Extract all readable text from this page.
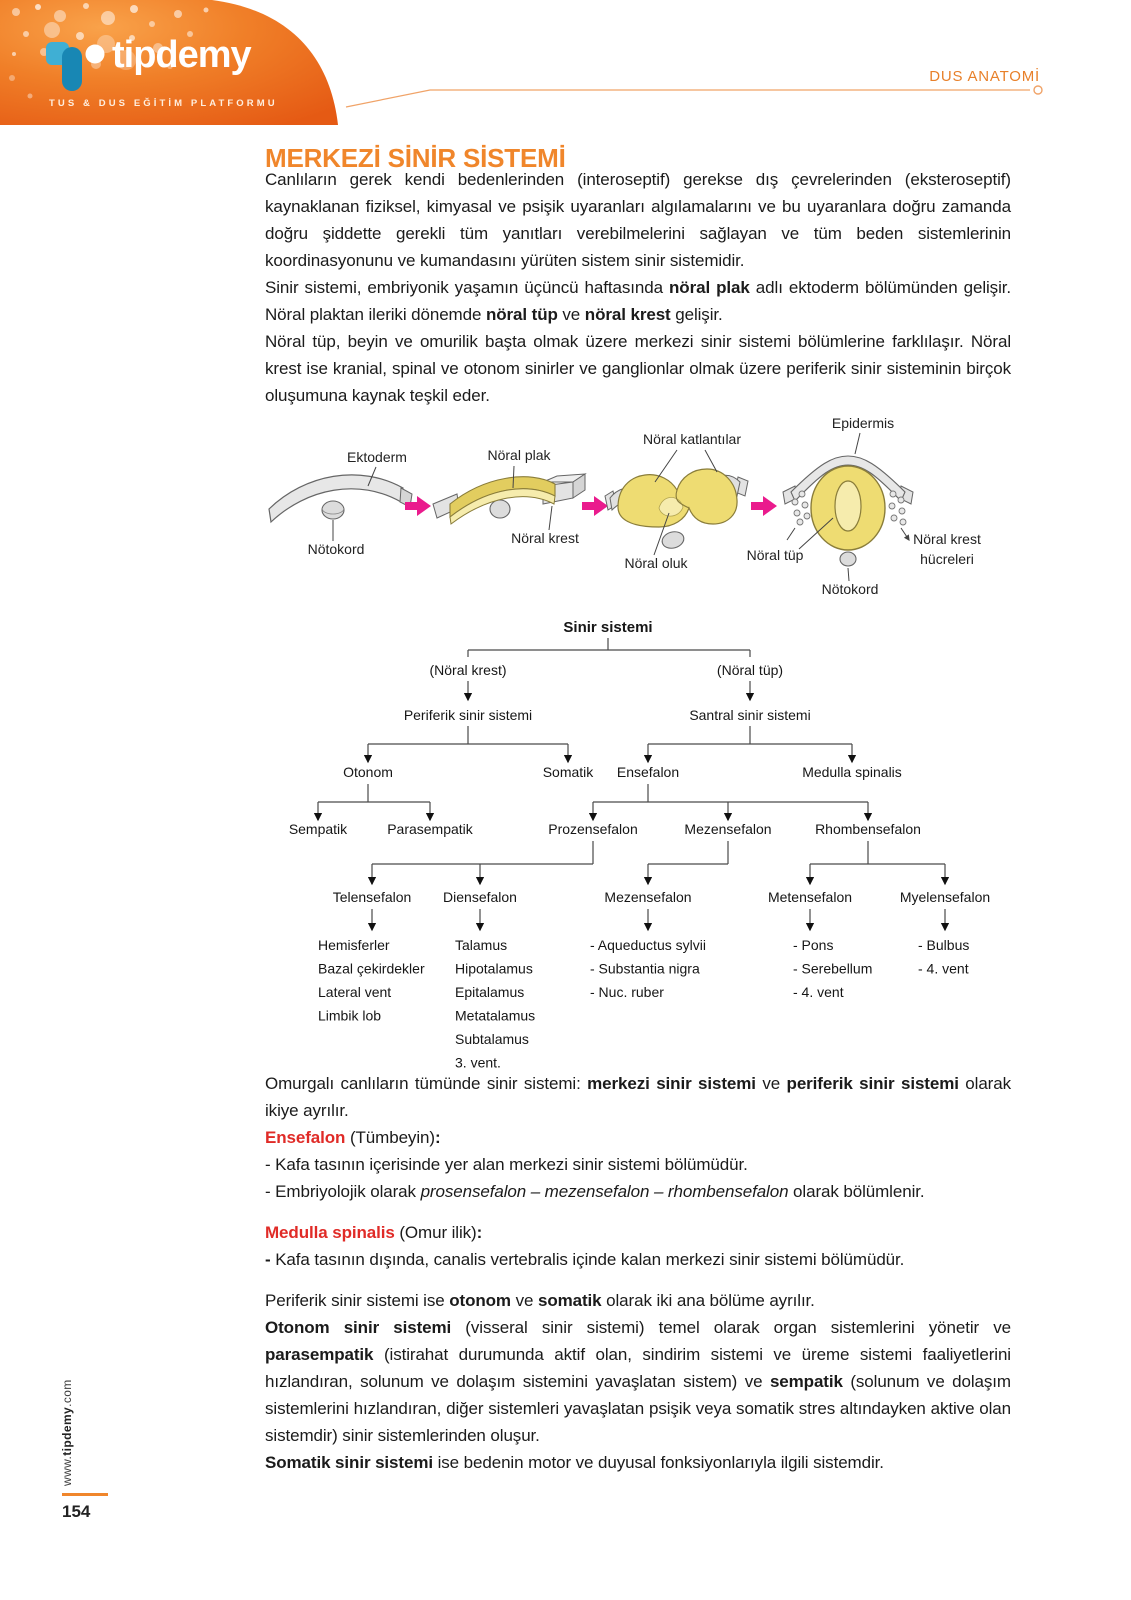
tipdemy
TUS & DUS EĞİTİM PLATFORMU
DUS ANATOMİ
MERKEZİ SİNİR SİSTEMİ

Canlıların gerek kendi bedenlerinden (interoseptif) gerekse dış çevrelerinden (eksteroseptif) kaynaklanan fiziksel, kimyasal ve psişik uyaranları algılamalarını ve bu uyaranlara doğru zamanda doğru şiddette gerekli tüm yanıtları verebilmelerini sağlayan ve tüm beden sistemlerinin koordinasyonunu ve kumandasını yürüten sistem sinir sistemidir.

Sinir sistemi, embriyonik yaşamın üçüncü haftasında nöral plak adlı ektoderm bölümünden gelişir. Nöral plaktan ileriki dönemde nöral tüp ve nöral krest gelişir.

Nöral tüp, beyin ve omurilik başta olmak üzere merkezi sinir sistemi bölümlerine farklılaşır. Nöral krest ise kranial, spinal ve otonom sinirler ve ganglionlar olmak üzere periferik sinir sisteminin birçok oluşumuna kaynak teşkil eder.

Ektoderm
Nötokord
Nöral plak
Nöral krest
Nöral katlantılar
Nöral oluk
Epidermis
Nöral tüp
Nöral krest
hücreleri
Nötokord
Sinir sistemi
(Nöral krest)	(Nöral tüp)
Periferik sinir sistemi	Santral sinir sistemi
Otonom	Somatik Ensefalon	Medulla spinalis
Sempatik	Parasempatik	Prozensefalon	Mezensefalon	Rhombensefalon
Telensefalon Diensefalon	Mezensefalon	Metensefalon	Myelensefalon
Hemisferler Bazal çekirdekler Lateral vent Limbik lob
Talamus Hipotalamus Epitalamus Metatalamus Subtalamus 3. vent.
- Aqueductus sylvii - Substantia nigra - Nuc. ruber
- Pons - Serebellum - 4. vent
- Bulbus - 4. vent

Omurgalı canlıların tümünde sinir sistemi: merkezi sinir sistemi ve periferik sinir sistemi olarak ikiye ayrılır.

Ensefalon (Tümbeyin):

- Kafa tasının içerisinde yer alan merkezi sinir sistemi bölümüdür.

- Embriyolojik olarak prosensefalon – mezensefalon – rhombensefalon olarak bölümlenir.

Medulla spinalis (Omur ilik):

- Kafa tasının dışında, canalis vertebralis içinde kalan merkezi sinir sistemi bölümüdür.

Periferik sinir sistemi ise otonom ve somatik olarak iki ana bölüme ayrılır.

Otonom sinir sistemi (visseral sinir sistemi) temel olarak organ sistemlerini yönetir ve parasempatik (istirahat durumunda aktif olan, sindirim sistemi ve üreme sistemi faaliyetlerini hızlandıran, solunum ve dolaşım sistemini yavaşlatan sistem) ve sempatik (solunum ve dolaşım sistemlerini hızlandıran, diğer sistemleri yavaşlatan psişik veya somatik stres altındayken aktive olan sistemdir) sinir sistemlerinden oluşur.

Somatik sinir sistemi ise bedenin motor ve duyusal fonksiyonlarıyla ilgili sistemdir.

www.tipdemy.com
154
